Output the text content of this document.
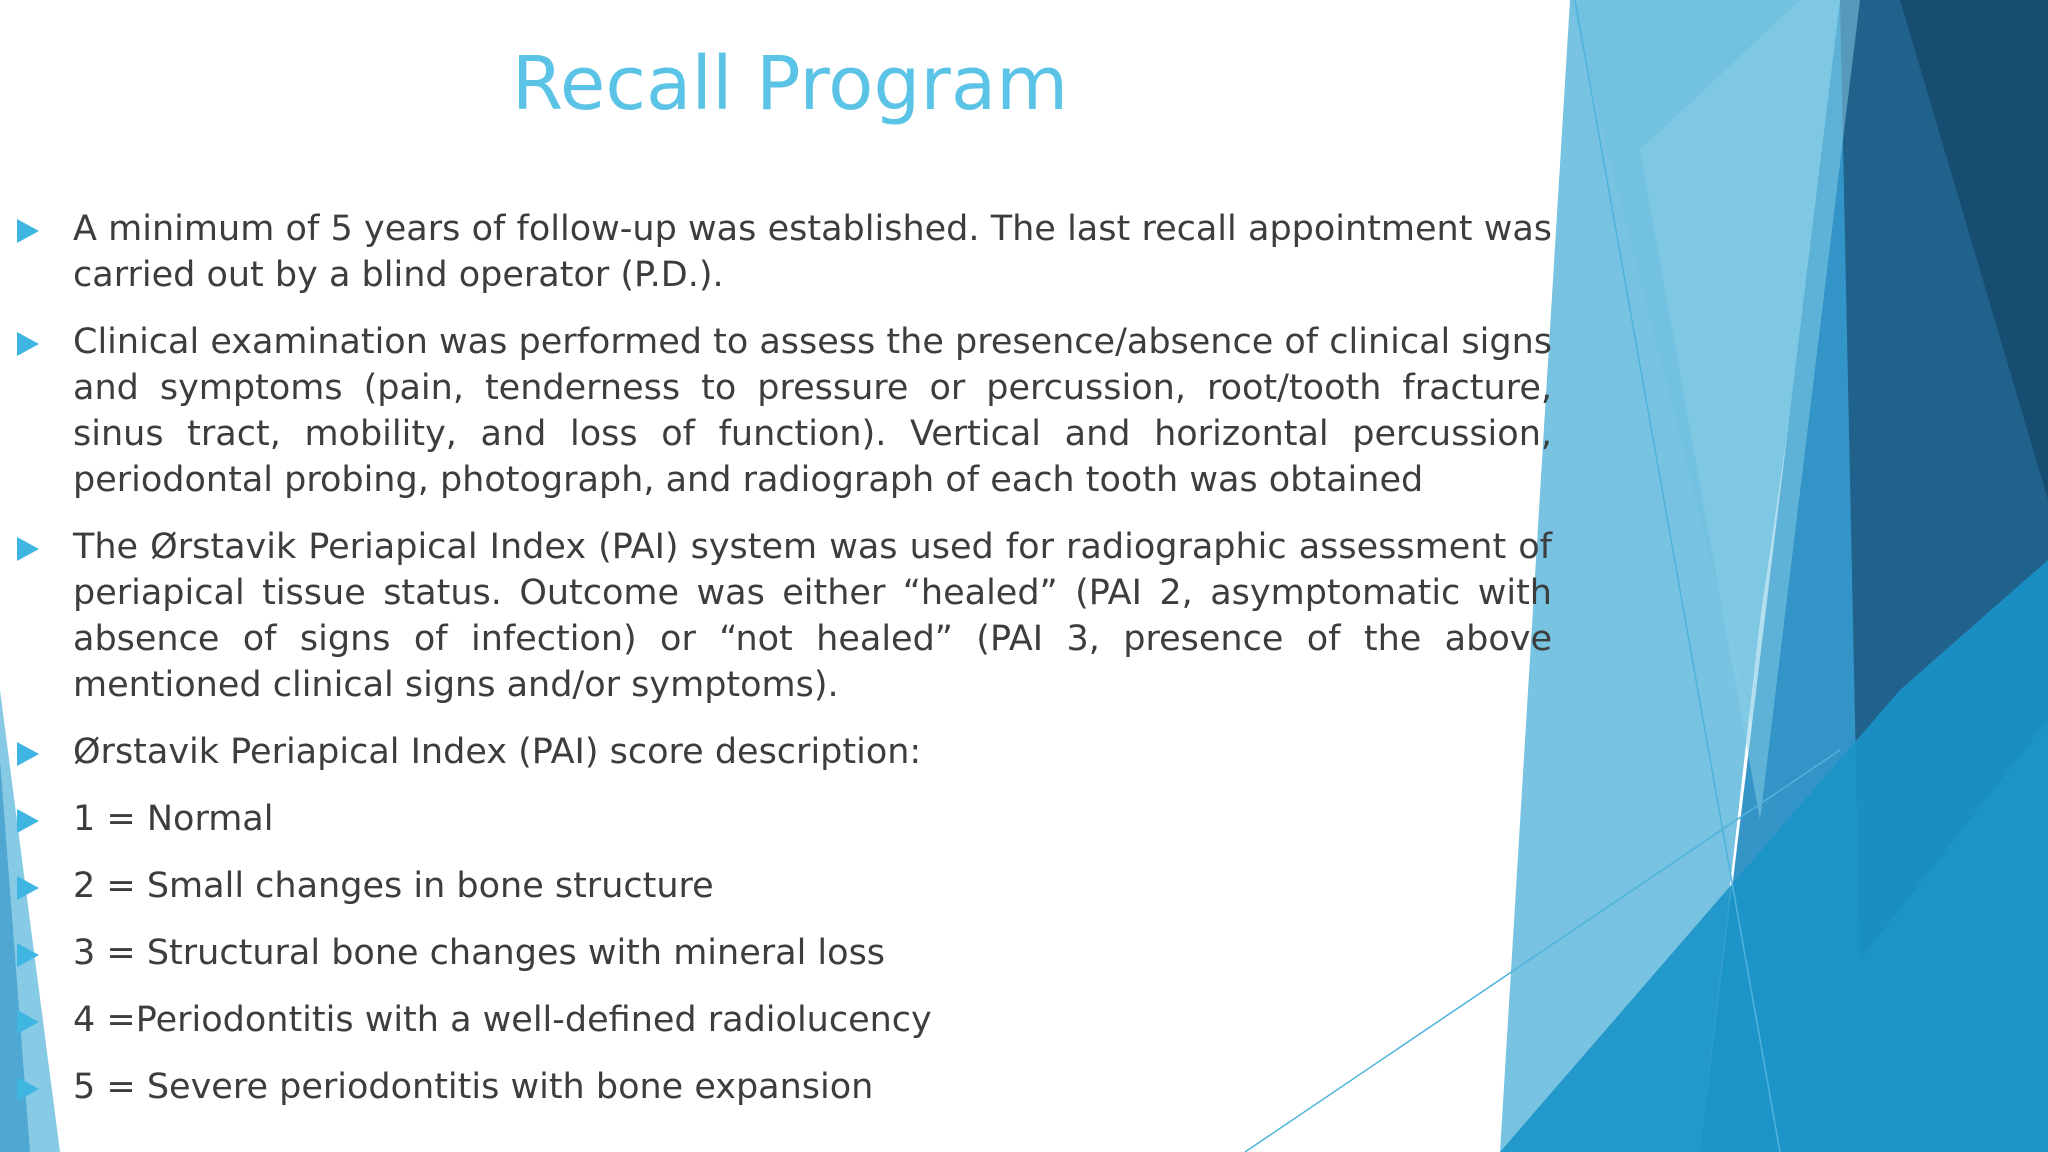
Recall Program
A minimum of 5 years of follow-up was established. The last recall appointment was carried out by a blind operator (P.D.).
Clinical examination was performed to assess the presence/absence of clinical signs and symptoms (pain, tenderness to pressure or percussion, root/tooth fracture, sinus tract, mobility, and loss of function). Vertical and horizontal percussion, periodontal probing, photograph, and radiograph of each tooth was obtained
The Ørstavik Periapical Index (PAI) system was used for radiographic assessment of periapical tissue status. Outcome was either “healed” (PAI 2, asymptomatic with absence of signs of infection) or “not healed” (PAI 3, presence of the above mentioned clinical signs and/or symptoms).
Ørstavik Periapical Index (PAI) score description:
1 = Normal
2 = Small changes in bone structure
3 = Structural bone changes with mineral loss
4 =Periodontitis with a well-defined radiolucency
5 = Severe periodontitis with bone expansion
